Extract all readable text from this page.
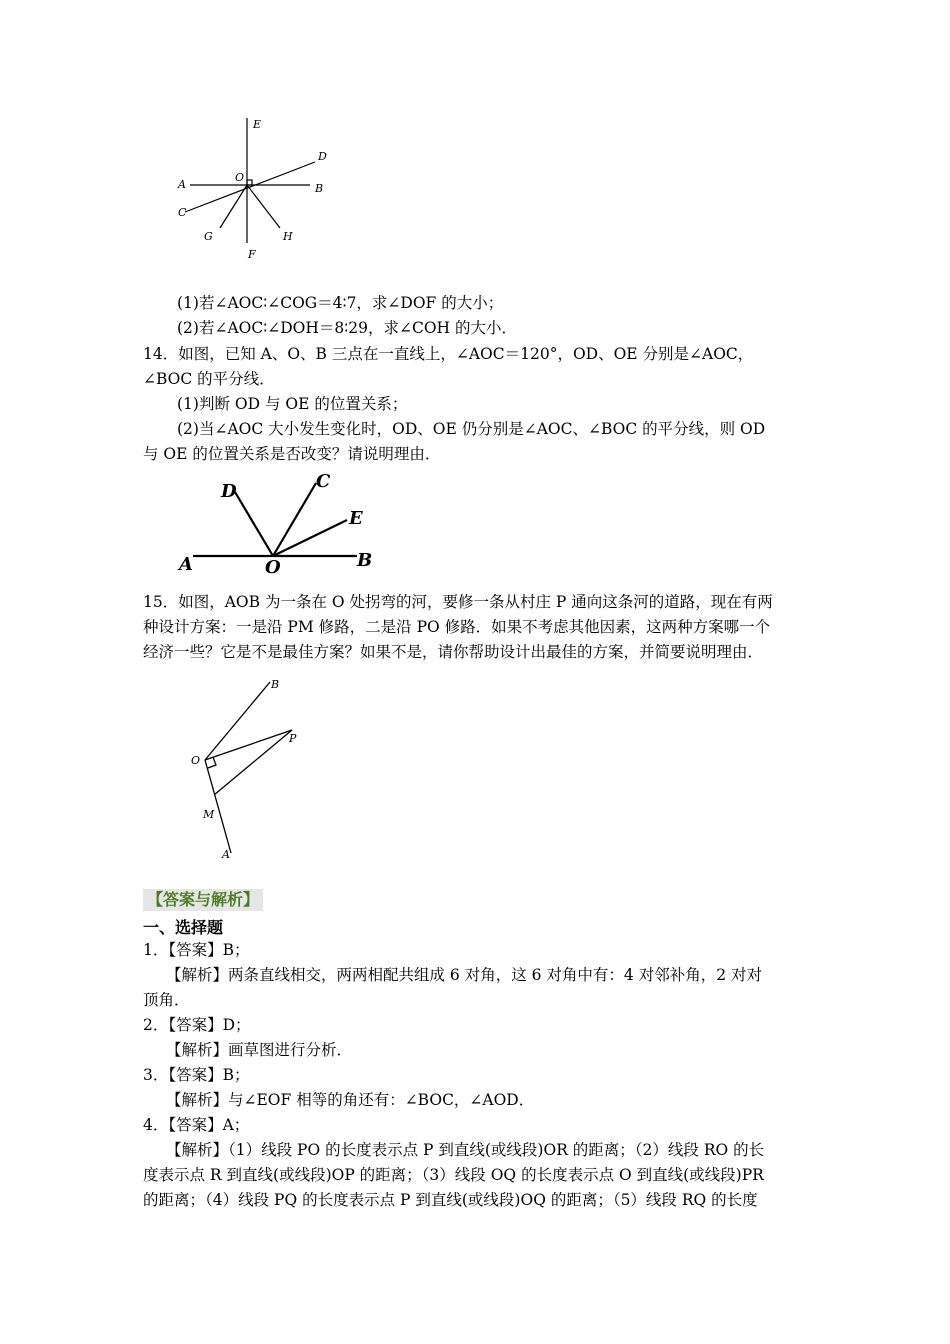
E
D
O
A	B
C
G	H
F
(1)若∠AOC∶∠COG＝4∶7，求∠DOF 的大小；
(2)若∠AOC∶∠DOH＝8∶29，求∠COH 的大小．
14．如图，已知 A、O、B 三点在一直线上，∠AOC＝120°，OD、OE 分别是∠AOC，
∠BOC 的平分线．
(1)判断 OD 与 OE 的位置关系；
(2)当∠AOC 大小发生变化时，OD、OE 仍分别是∠AOC、∠BOC 的平分线，则 OD
与 OE 的位置关系是否改变？请说明理由．
D	C
E
A	O	B
15．如图，AOB 为一条在 O 处拐弯的河，要修一条从村庄 P 通向这条河的道路，现在有两
种设计方案：一是沿 PM 修路，二是沿 PO 修路．如果不考虑其他因素，这两种方案哪一个
经济一些？它是不是最佳方案？如果不是，请你帮助设计出最佳的方案，并简要说明理由．
B
P
O
M
A
【答案与解析】
一、选择题
1．【答案】B；
【解析】两条直线相交，两两相配共组成 6 对角，这 6 对角中有：4 对邻补角，2 对对
顶角．
2．【答案】D；
【解析】画草图进行分析．
3．【答案】B；
【解析】与∠EOF 相等的角还有：∠BOC，∠AOD．
4．【答案】A；
【解析】（1）线段 PO 的长度表示点 P 到直线(或线段)OR 的距离；（2）线段 RO 的长
度表示点 R 到直线(或线段)OP 的距离；（3）线段 OQ 的长度表示点 O 到直线(或线段)PR
的距离；（4）线段 PQ 的长度表示点 P 到直线(或线段)OQ 的距离；（5）线段 RQ 的长度
